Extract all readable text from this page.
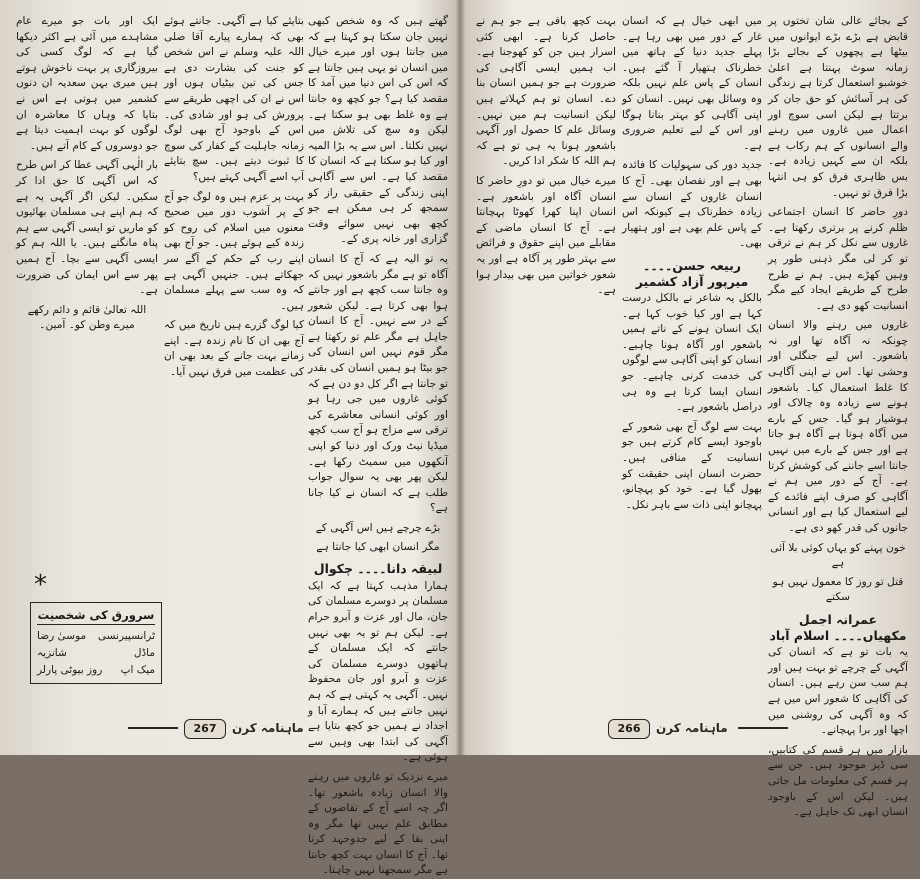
گھتے ہیں کہ وہ شخص کبھی نہیں جان سکتا ہو کہتا ہے کہ میں جانتا ہوں اور میرے خیال میں انسان تو یہی ہیں جانتا ہے کہ اس کی اس دنیا میں آمد کا مقصد کیا ہے؟ جو کچھ وہ جانتا ہے وہ غلط بھی ہو سکتا ہے۔ لیکن وہ سچ کی تلاش میں نہیں نکلتا۔ اس سے یہ بڑا المیہ اور کیا ہو سکتا ہے کہ انسان کا مقصد کیا ہے۔ اس سے آگاہی اپنی زندگی کے حقیقی راز کو سمجھ کر ہی ممکن ہے جو کچھ بھی نہیں سوائے وقت گزاری اور خانہ پری کے۔

یہ تو الیہ ہے کہ آج کا انسان آگاہ تو ہے مگر باشعور نہیں کہ وہ جانتا سب کچھ ہے اور جانتے ہوا بھی کرتا ہے۔ لیکن شعور کے در سے نہیں۔ آج کا انسان جاہل ہے مگر علم تو رکھتا ہے مگر قوم نہیں اس انسان کی جو بیٹا ہو ہمیں انسان کی بقدر تو جانتا ہے اگر کل دو دن ہے کہ کوئی غاروں میں جی رہا ہو اور کوئی انسانی معاشرے کی ترقی سے مزاج ہو آج سب کچھ میڈیا نیٹ ورک اور دنیا کو اپنی آنکھوں میں سمیٹ رکھا ہے۔ لیکن پھر بھی یہ سوال جواب طلب ہے کہ انسان نے کیا جانا ہے؟

بڑے چرچے ہیں اس آگہی کے

مگر انسان ابھی کیا جانتا ہے

لبیقہ دانا۔۔۔۔ چکوال

ہمارا مذہب کہتا ہے کہ ایک مسلمان پر دوسرے مسلمان کی جان، مال اور عزت و آبرو حرام ہے۔ لیکن ہم تو یہ بھی نہیں جانتے کہ ایک مسلمان کے ہاتھوں دوسرے مسلمان کی عزت و آبرو اور جان محفوظ نہیں۔ آگہی یہ کہتی ہے کہ ہم نہیں جانتے ہیں کہ ہمارے آبا و اجداد نے ہمیں جو کچھ بتایا ہے آگہی کی ابتدا بھی وہیں سے ہوئی ہے۔

میرے نزدیک تو غاروں میں رہنے والا انسان زیادہ باشعور تھا۔ اگر چہ اسے آج کے تقاضوں کے مطابق علم نہیں تھا مگر وہ اپنی بقا کے لیے جدوجہد کرتا تھا۔ آج کا انسان بہت کچھ جانتا ہے مگر سمجھنا نہیں چاہتا۔

بتایئے کیا ہے آگہی۔ جانتے ہوئے بھی کہ ہمارے پیارے آقا صلی اللہ علیہ وسلم نے اس شخص کو جنت کی بشارت دی ہے جس کی تین بیٹیاں ہوں اور اس نے ان کی اچھی طریقے سے پرورش کی ہو اور شادی کی۔ اس کے باوجود آج بھی لوگ زمانہ جاہلیت کے کفار کی سوچ کا ثبوت دیتے ہیں۔ سچ بتایئے آپ اسے آگہی کہتے ہیں؟

بہت پر عزم ہیں وہ لوگ جو آج کے پر آشوب دور میں صحیح معنوں میں اسلام کی روح کو زندہ کیے ہوئے ہیں۔ جو آج بھی اپنے رب کے حکم کے آگے سر جھکاتے ہیں۔ جنہیں آگہی ہے کہ وہ سب سے پہلے مسلمان ہیں۔

کیا لوگ گزرے ہیں تاریخ میں کہ آج بھی ان کا نام زندہ ہے۔ اپنے زمانے بہت جانے کے بعد بھی ان کی عظمت میں فرق نہیں آیا۔

ایک اور بات جو میرے عام مشاہدے میں آئی ہے اکثر دیکھا گیا ہے کہ لوگ کسی کی بیروزگاری پر بہت ناخوش ہوتے ہیں میری بہن سعدیہ ان دنوں کشمیر میں ہوتی ہے اس نے بتایا کہ وہاں کا معاشرہ ان لوگوں کو بہت اہمیت دیتا ہے جو دوسروں کے کام آتے ہیں۔

بار الٰہی آگہی عطا کر اس طرح کہ اس آگہی کا حق ادا کر سکیں۔ لیکن اگر آگہی یہ ہے کہ ہم اپنے ہی مسلمان بھائیوں کو ماریں تو ایسی آگہی سے ہم پناہ مانگتے ہیں۔ یا اللہ ہم کو ایسی آگہی سے بچا۔ آج ہمیں پھر سے اس ایمان کی ضرورت ہے۔

اللہ تعالیٰ قائم و دائم رکھے میرے وطن کو۔ آمین۔

*
سرورق کی شخصیت
ٹرانسپیرنسی
موسیٰ رضا
ماڈل
شانزیہ
میک اپ
روز بیوٹی پارلر
267	ماہنامہ کرن

کے بجائے عالی شان تختوں پر قابض ہے بڑے بڑے ایوانوں میں بیٹھا ہے پچھوں کے بجائے بڑا زمانہ سوٹ پہنتا ہے اعلیٰ خوشبو استعمال کرتا ہے زندگی کی ہر آسائش کو حق جان کر برتتا ہے لیکن اسی سوچ اور اعمال میں غاروں میں رہنے والے انسانوں کے ہم رکاب ہے بلکہ ان سے کہیں زیادہ ہے۔ بس ظاہری فرق کو ہی انتہا بڑا فرق تو نہیں۔

دورِ حاضر کا انسان اجتماعی ظلم کرنے پر برتری رکھتا ہے۔ غاروں سے نکل کر ہم نے ترقی تو کر لی مگر ذہنی طور پر وہیں کھڑے ہیں۔ ہم نے طرح طرح کے طریقے ایجاد کیے مگر انسانیت کھو دی ہے۔

غاروں میں رہنے والا انسان چونکہ نہ آگاہ تھا اور نہ باشعور۔ اس لیے جنگلی اور وحشی تھا۔ اس نے اپنی آگاہی کا غلط استعمال کیا۔ باشعور ہونے سے زیادہ وہ چالاک اور ہوشیار ہو گیا۔ جس کے بارے میں آگاہ ہوتا ہے آگاہ ہو جاتا ہے اور جس کے بارے میں نہیں جانتا اسے جاننے کی کوشش کرتا ہے۔ آج کے دور میں ہم نے آگاہی کو صرف اپنے فائدے کے لیے استعمال کیا ہے اور انسانی جانوں کی قدر کھو دی ہے۔

خون پہنے کو یہاں کوئی بلا آئی ہے

قتل تو روز کا معمول نہیں ہو سکتے

عمرانہ اجمل مکھیاں۔۔۔۔ اسلام آباد

یہ بات تو ہے کہ انسان کی آگہی کے چرچے تو بہت ہیں اور ہم سب سن رہے ہیں۔ انسان کی آگاہی کا شعور اس میں ہے کہ وہ آگہی کی روشنی میں اچھا اور برا پہچانے۔

بازار میں ہر قسم کی کتابیں، سی ڈیز موجود ہیں۔ جن سے ہر قسم کی معلومات مل جاتی ہیں۔ لیکن اس کے باوجود انسان ابھی تک جاہل ہے۔

میں ابھی خیال ہے کہ انسان غار کے دور میں بھی رہا ہے۔ پہلے جدید دنیا کے ہاتھ میں خطرناک ہتھیار آ گئے ہیں۔ انسان کے پاس علم نہیں بلکہ وہ وسائل بھی نہیں۔ انسان کو اپنی آگاہی کو بہتر بنانا ہوگا اور اس کے لیے تعلیم ضروری ہے۔

جدید دور کی سہولیات کا فائدہ بھی ہے اور نقصان بھی۔ آج کا انسان غاروں کے انسان سے زیادہ خطرناک ہے کیونکہ اس کے پاس علم بھی ہے اور ہتھیار بھی۔

ربیعہ حسن۔۔۔۔ میرپور آزاد کشمیر

بالکل یہ شاعر نے بالکل درست کہا ہے اور کیا خوب کہا ہے۔ ایک انسان ہونے کے ناتے ہمیں باشعور اور آگاہ ہونا چاہیے۔ انسان کو اپنی آگاہی سے لوگوں کی خدمت کرنی چاہیے۔ جو انسان ایسا کرتا ہے وہ ہی دراصل باشعور ہے۔

بہت سے لوگ آج بھی شعور کے باوجود ایسے کام کرتے ہیں جو انسانیت کے منافی ہیں۔ حضرت انسان اپنی حقیقت کو بھول گیا ہے۔ خود کو پہچانو، پہچانو اپنی ذات سے باہر نکل۔

بہت کچھ باقی ہے جو ہم نے حاصل کرنا ہے۔ ابھی کئی اسرار ہیں جن کو کھوجنا ہے۔ اب ہمیں ایسی آگاہی کی ضرورت ہے جو ہمیں انسان بنا دے۔ انسان تو ہم کہلاتے ہیں لیکن انسانیت ہم میں نہیں۔ وسائل علم کا حصول اور آگہی باشعور ہونا یہ ہی تو ہے کہ ہم اللہ کا شکر ادا کریں۔

میرے خیال میں تو دورِ حاضر کا انسان آگاہ اور باشعور ہے۔ انسان اپنا کھرا کھوٹا پہچانتا ہے۔ آج کا انسان ماضی کے مقابلے میں اپنے حقوق و فرائض سے بہتر طور پر آگاہ ہے اور یہ شعور خواتین میں بھی بیدار ہوا ہے۔

266	ماہنامہ کرن
